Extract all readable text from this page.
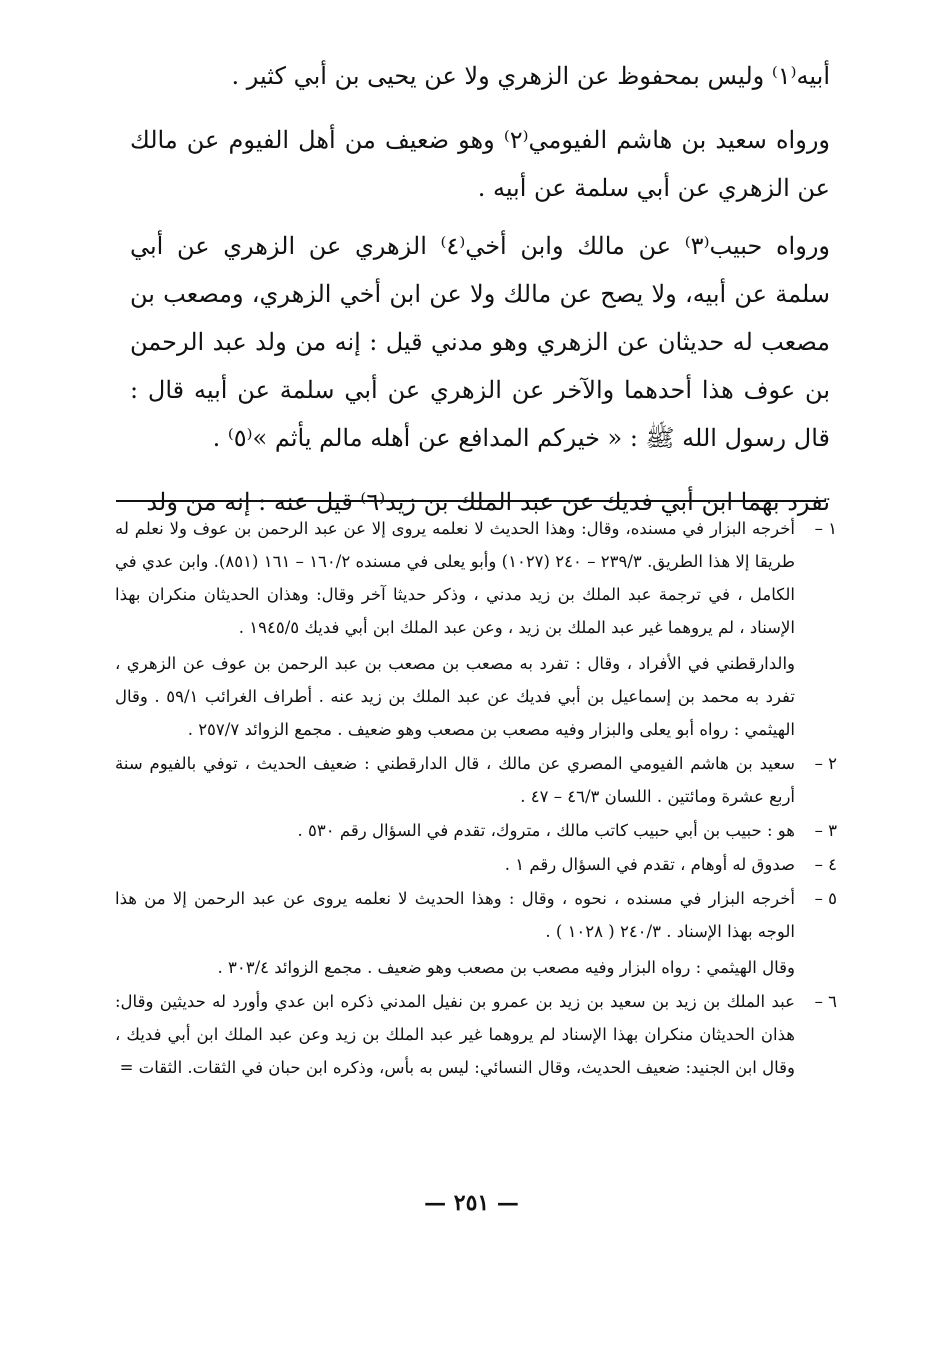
أبيه⁽١⁾ وليس بمحفوظ عن الزهري ولا عن يحيى بن أبي كثير .

ورواه سعيد بن هاشم الفيومي⁽٢⁾ وهو ضعيف من أهل الفيوم عن مالك عن الزهري عن أبي سلمة عن أبيه .

ورواه حبيب⁽٣⁾ عن مالك وابن أخي⁽٤⁾ الزهري عن الزهري عن أبي سلمة عن أبيه، ولا يصح عن مالك ولا عن ابن أخي الزهري، ومصعب بن مصعب له حديثان عن الزهري وهو مدني قيل : إنه من ولد عبد الرحمن بن عوف هذا أحدهما والآخر عن الزهري عن أبي سلمة عن أبيه قال : قال رسول الله ﷺ : « خيركم المدافع عن أهله مالم يأثم »⁽٥⁾ .

تفرد بهما ابن أبي فديك عن عبد الملك بن زيد⁽٦⁾ قيل عنه : إنه من ولد

١ –
أخرجه البزار في مسنده، وقال: وهذا الحديث لا نعلمه يروى إلا عن عبد الرحمن بن عوف ولا نعلم له طريقا إلا هذا الطريق. ٢٣٩/٣ – ٢٤٠ (١٠٢٧) وأبو يعلى في مسنده ١٦٠/٢ – ١٦١ (٨٥١). وابن عدي في الكامل ، في ترجمة عبد الملك بن زيد مدني ، وذكر حديثا آخر وقال: وهذان الحديثان منكران بهذا الإسناد ، لم يروهما غير عبد الملك بن زيد ، وعن عبد الملك ابن أبي فديك ١٩٤٥/٥ .
والدارقطني في الأفراد ، وقال : تفرد به مصعب بن مصعب بن عبد الرحمن بن عوف عن الزهري ، تفرد به محمد بن إسماعيل بن أبي فديك عن عبد الملك بن زيد عنه . أطراف الغرائب ٥٩/١ . وقال الهيثمي : رواه أبو يعلى والبزار وفيه مصعب بن مصعب وهو ضعيف . مجمع الزوائد ٢٥٧/٧ .
٢ –
سعيد بن هاشم الفيومي المصري عن مالك ، قال الدارقطني : ضعيف الحديث ، توفي بالفيوم سنة أربع عشرة ومائتين . اللسان ٤٦/٣ – ٤٧ .
٣ –
هو : حبيب بن أبي حبيب كاتب مالك ، متروك، تقدم في السؤال رقم ٥٣٠ .
٤ –
صدوق له أوهام ، تقدم في السؤال رقم ١ .
٥ –
أخرجه البزار في مسنده ، نحوه ، وقال : وهذا الحديث لا نعلمه يروى عن عبد الرحمن إلا من هذا الوجه بهذا الإسناد . ٢٤٠/٣ ( ١٠٢٨ ) .
وقال الهيثمي : رواه البزار وفيه مصعب بن مصعب وهو ضعيف . مجمع الزوائد ٣٠٣/٤ .
٦ –
عبد الملك بن زيد بن سعيد بن زيد بن عمرو بن نفيل المدني ذكره ابن عدي وأورد له حديثين وقال: هذان الحديثان منكران بهذا الإسناد لم يروهما غير عبد الملك بن زيد وعن عبد الملك ابن أبي فديك ، وقال ابن الجنيد: ضعيف الحديث، وقال النسائي: ليس به بأس، وذكره ابن حبان في الثقات. الثقات =
— ٢٥١ —
